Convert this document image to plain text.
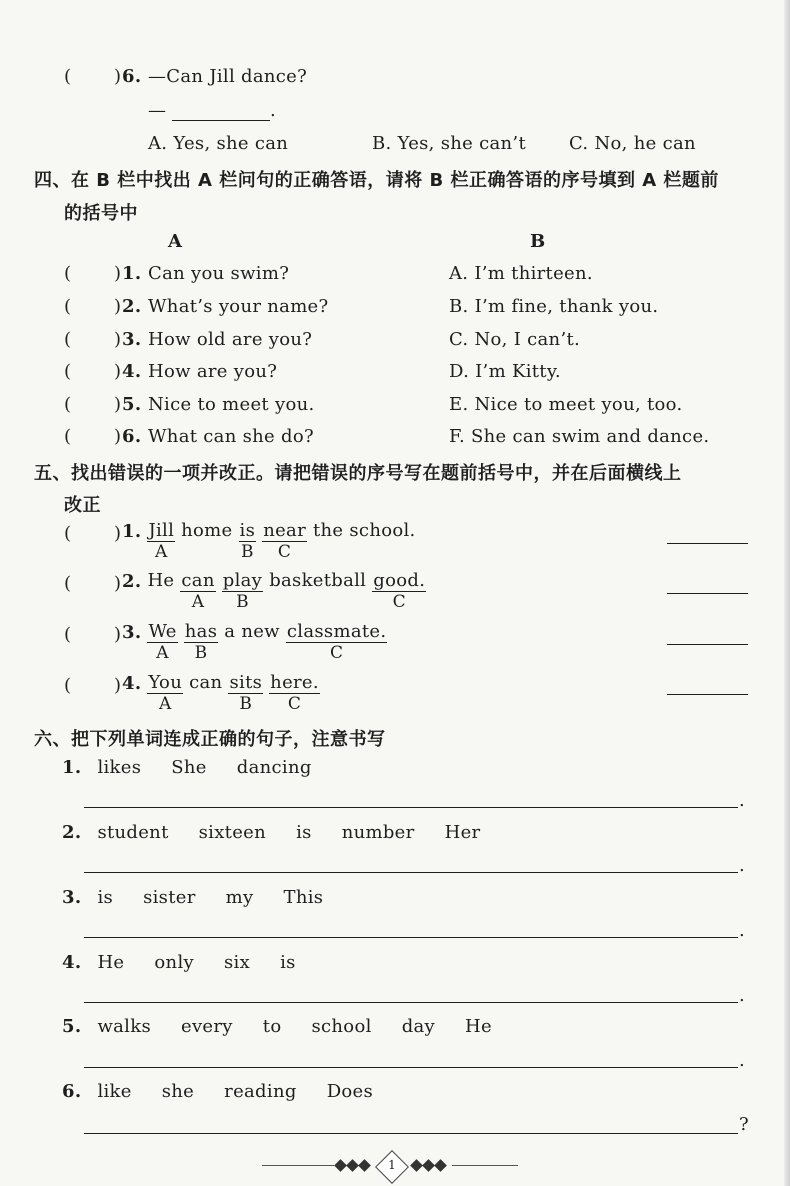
( ) 6. —Can Jill dance?
—	.
A. Yes, she can	B. Yes, she can’t C. No, he can
四、在 B 栏中找出 A 栏问句的正确答语，请将 B 栏正确答语的序号填到 A 栏题前
的括号中
A	B
( ) 1. Can you swim?	A. I’m thirteen.
( ) 2. What’s your name?	B. I’m fine, thank you.
( ) 3. How old are you?	C. No, I can’t.
( ) 4. How are you?	D. I’m Kitty.
( ) 5. Nice to meet you.	E. Nice to meet you, too.
( ) 6. What can she do?	F. She can swim and dance.
五、找出错误的一项并改正。请把错误的序号写在题前括号中，并在后面横线上
改正
( ) 1. Jill
A
home $\frac{is}{B}$
near
C
the school.
( ) 2. He can
A

play
B
basketball good.
C
( ) 3. $\frac{We}{A}$
has
B
a new classmate.
C
( ) 4. You
A
can sits
B

here.
C
六、把下列单词连成正确的句子，注意书写
1. likes She dancing
.
2. student sixteen is number Her
.
3. is sister my This
.
4. He only six is
.
5. walks every to school day He
.
6. like she reading Does
?
1
